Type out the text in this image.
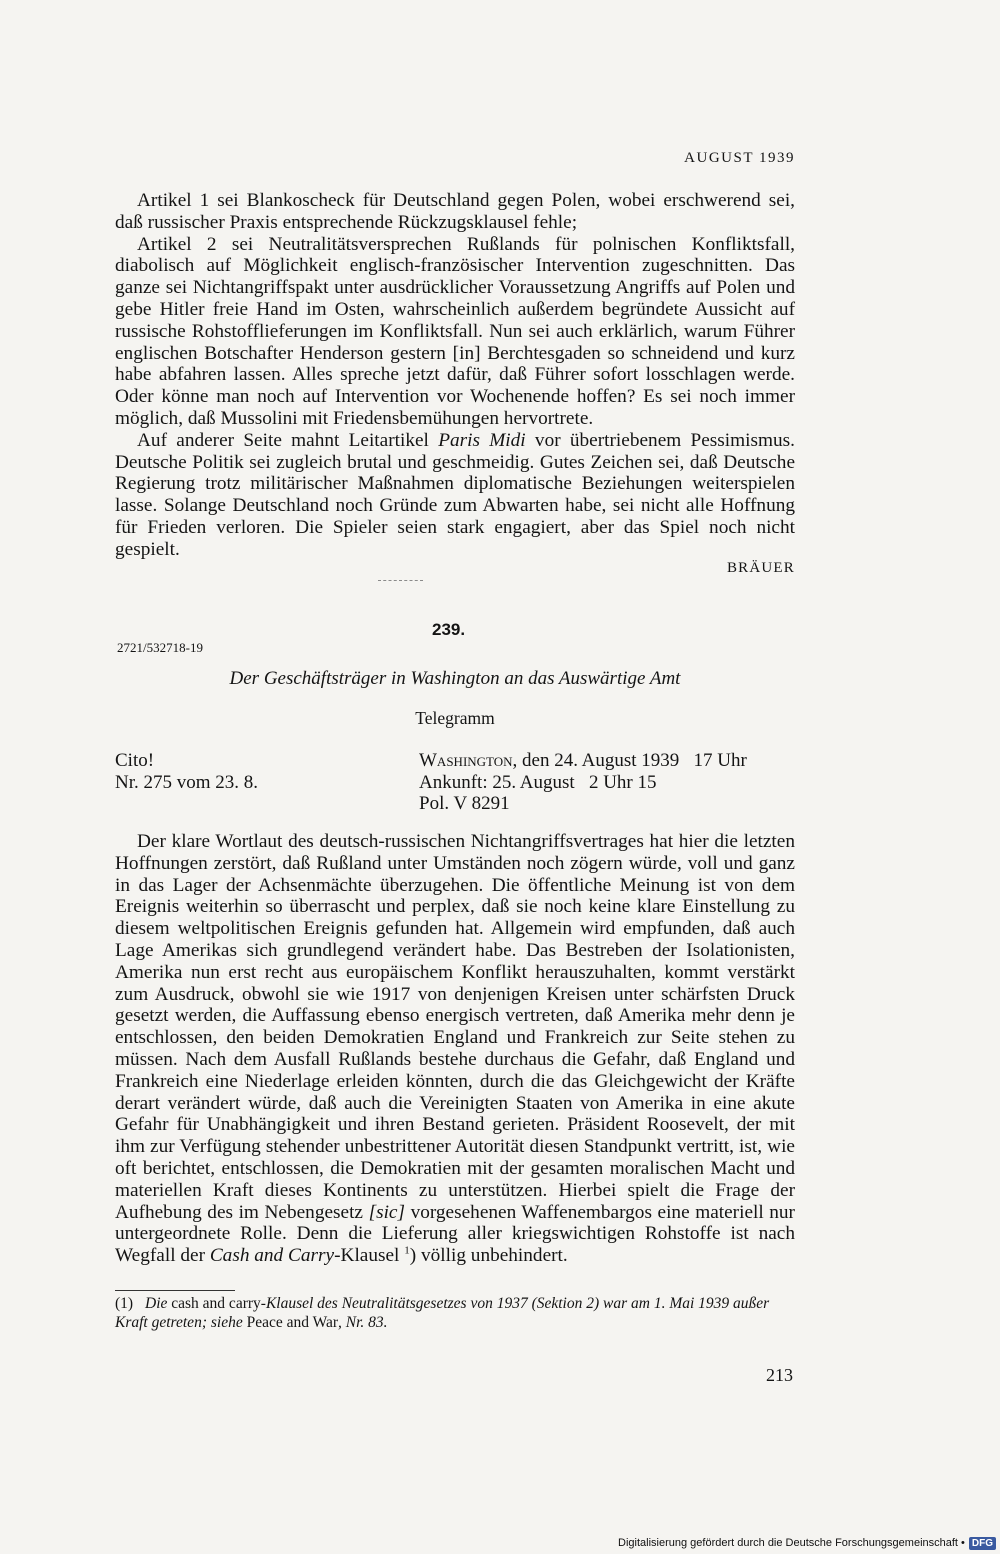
AUGUST 1939

Artikel 1 sei Blankoscheck für Deutschland gegen Polen, wobei erschwerend sei, daß russischer Praxis entsprechende Rückzugsklausel fehle;

Artikel 2 sei Neutralitätsversprechen Rußlands für polnischen Konfliktsfall, diabolisch auf Möglichkeit englisch-französischer Intervention zugeschnitten. Das ganze sei Nichtangriffspakt unter ausdrücklicher Voraussetzung Angriffs auf Polen und gebe Hitler freie Hand im Osten, wahrscheinlich außerdem begründete Aussicht auf russische Rohstofflieferungen im Konfliktsfall. Nun sei auch erklärlich, warum Führer englischen Botschafter Henderson gestern [in] Berchtesgaden so schneidend und kurz habe abfahren lassen. Alles spreche jetzt dafür, daß Führer sofort losschlagen werde. Oder könne man noch auf Intervention vor Wochenende hoffen? Es sei noch immer möglich, daß Mussolini mit Friedensbemühungen hervortrete.

Auf anderer Seite mahnt Leitartikel Paris Midi vor übertriebenem Pessimismus. Deutsche Politik sei zugleich brutal und geschmeidig. Gutes Zeichen sei, daß Deutsche Regierung trotz militärischer Maßnahmen diplomatische Beziehungen weiterspielen lasse. Solange Deutschland noch Gründe zum Abwarten habe, sei nicht alle Hoffnung für Frieden verloren. Die Spieler seien stark engagiert, aber das Spiel noch nicht gespielt.

BRÄUER
239.
2721/532718-19
Der Geschäftsträger in Washington an das Auswärtige Amt
Telegramm
Cito!
Nr. 275 vom 23. 8.
Washington, den 24. August 1939   17 Uhr
Ankunft: 25. August   2 Uhr 15
Pol. V 8291

Der klare Wortlaut des deutsch-russischen Nichtangriffsvertrages hat hier die letzten Hoffnungen zerstört, daß Rußland unter Umständen noch zögern würde, voll und ganz in das Lager der Achsenmächte überzugehen. Die öffentliche Meinung ist von dem Ereignis weiterhin so überrascht und perplex, daß sie noch keine klare Einstellung zu diesem weltpolitischen Ereignis gefunden hat. Allgemein wird empfunden, daß auch Lage Amerikas sich grundlegend verändert habe. Das Bestreben der Isolationisten, Amerika nun erst recht aus europäischem Konflikt herauszuhalten, kommt verstärkt zum Ausdruck, obwohl sie wie 1917 von denjenigen Kreisen unter schärfsten Druck gesetzt werden, die Auffassung ebenso energisch vertreten, daß Amerika mehr denn je entschlossen, den beiden Demokratien England und Frankreich zur Seite stehen zu müssen. Nach dem Ausfall Rußlands bestehe durchaus die Gefahr, daß England und Frankreich eine Niederlage erleiden könnten, durch die das Gleichgewicht der Kräfte derart verändert würde, daß auch die Vereinigten Staaten von Amerika in eine akute Gefahr für Unabhängigkeit und ihren Bestand gerieten. Präsident Roosevelt, der mit ihm zur Verfügung stehender unbestrittener Autorität diesen Standpunkt vertritt, ist, wie oft berichtet, entschlossen, die Demokratien mit der gesamten moralischen Macht und materiellen Kraft dieses Kontinents zu unterstützen. Hierbei spielt die Frage der Aufhebung des im Nebengesetz [sic] vorgesehenen Waffenembargos eine materiell nur untergeordnete Rolle. Denn die Lieferung aller kriegswichtigen Rohstoffe ist nach Wegfall der Cash and Carry-Klausel $^1$) völlig unbehindert.

(1) Die cash and carry-Klausel des Neutralitätsgesetzes von 1937 (Sektion 2) war am 1. Mai 1939 außer Kraft getreten; siehe Peace and War, Nr. 83.
213
Digitalisierung gefördert durch die Deutsche Forschungsgemeinschaft • DFG
